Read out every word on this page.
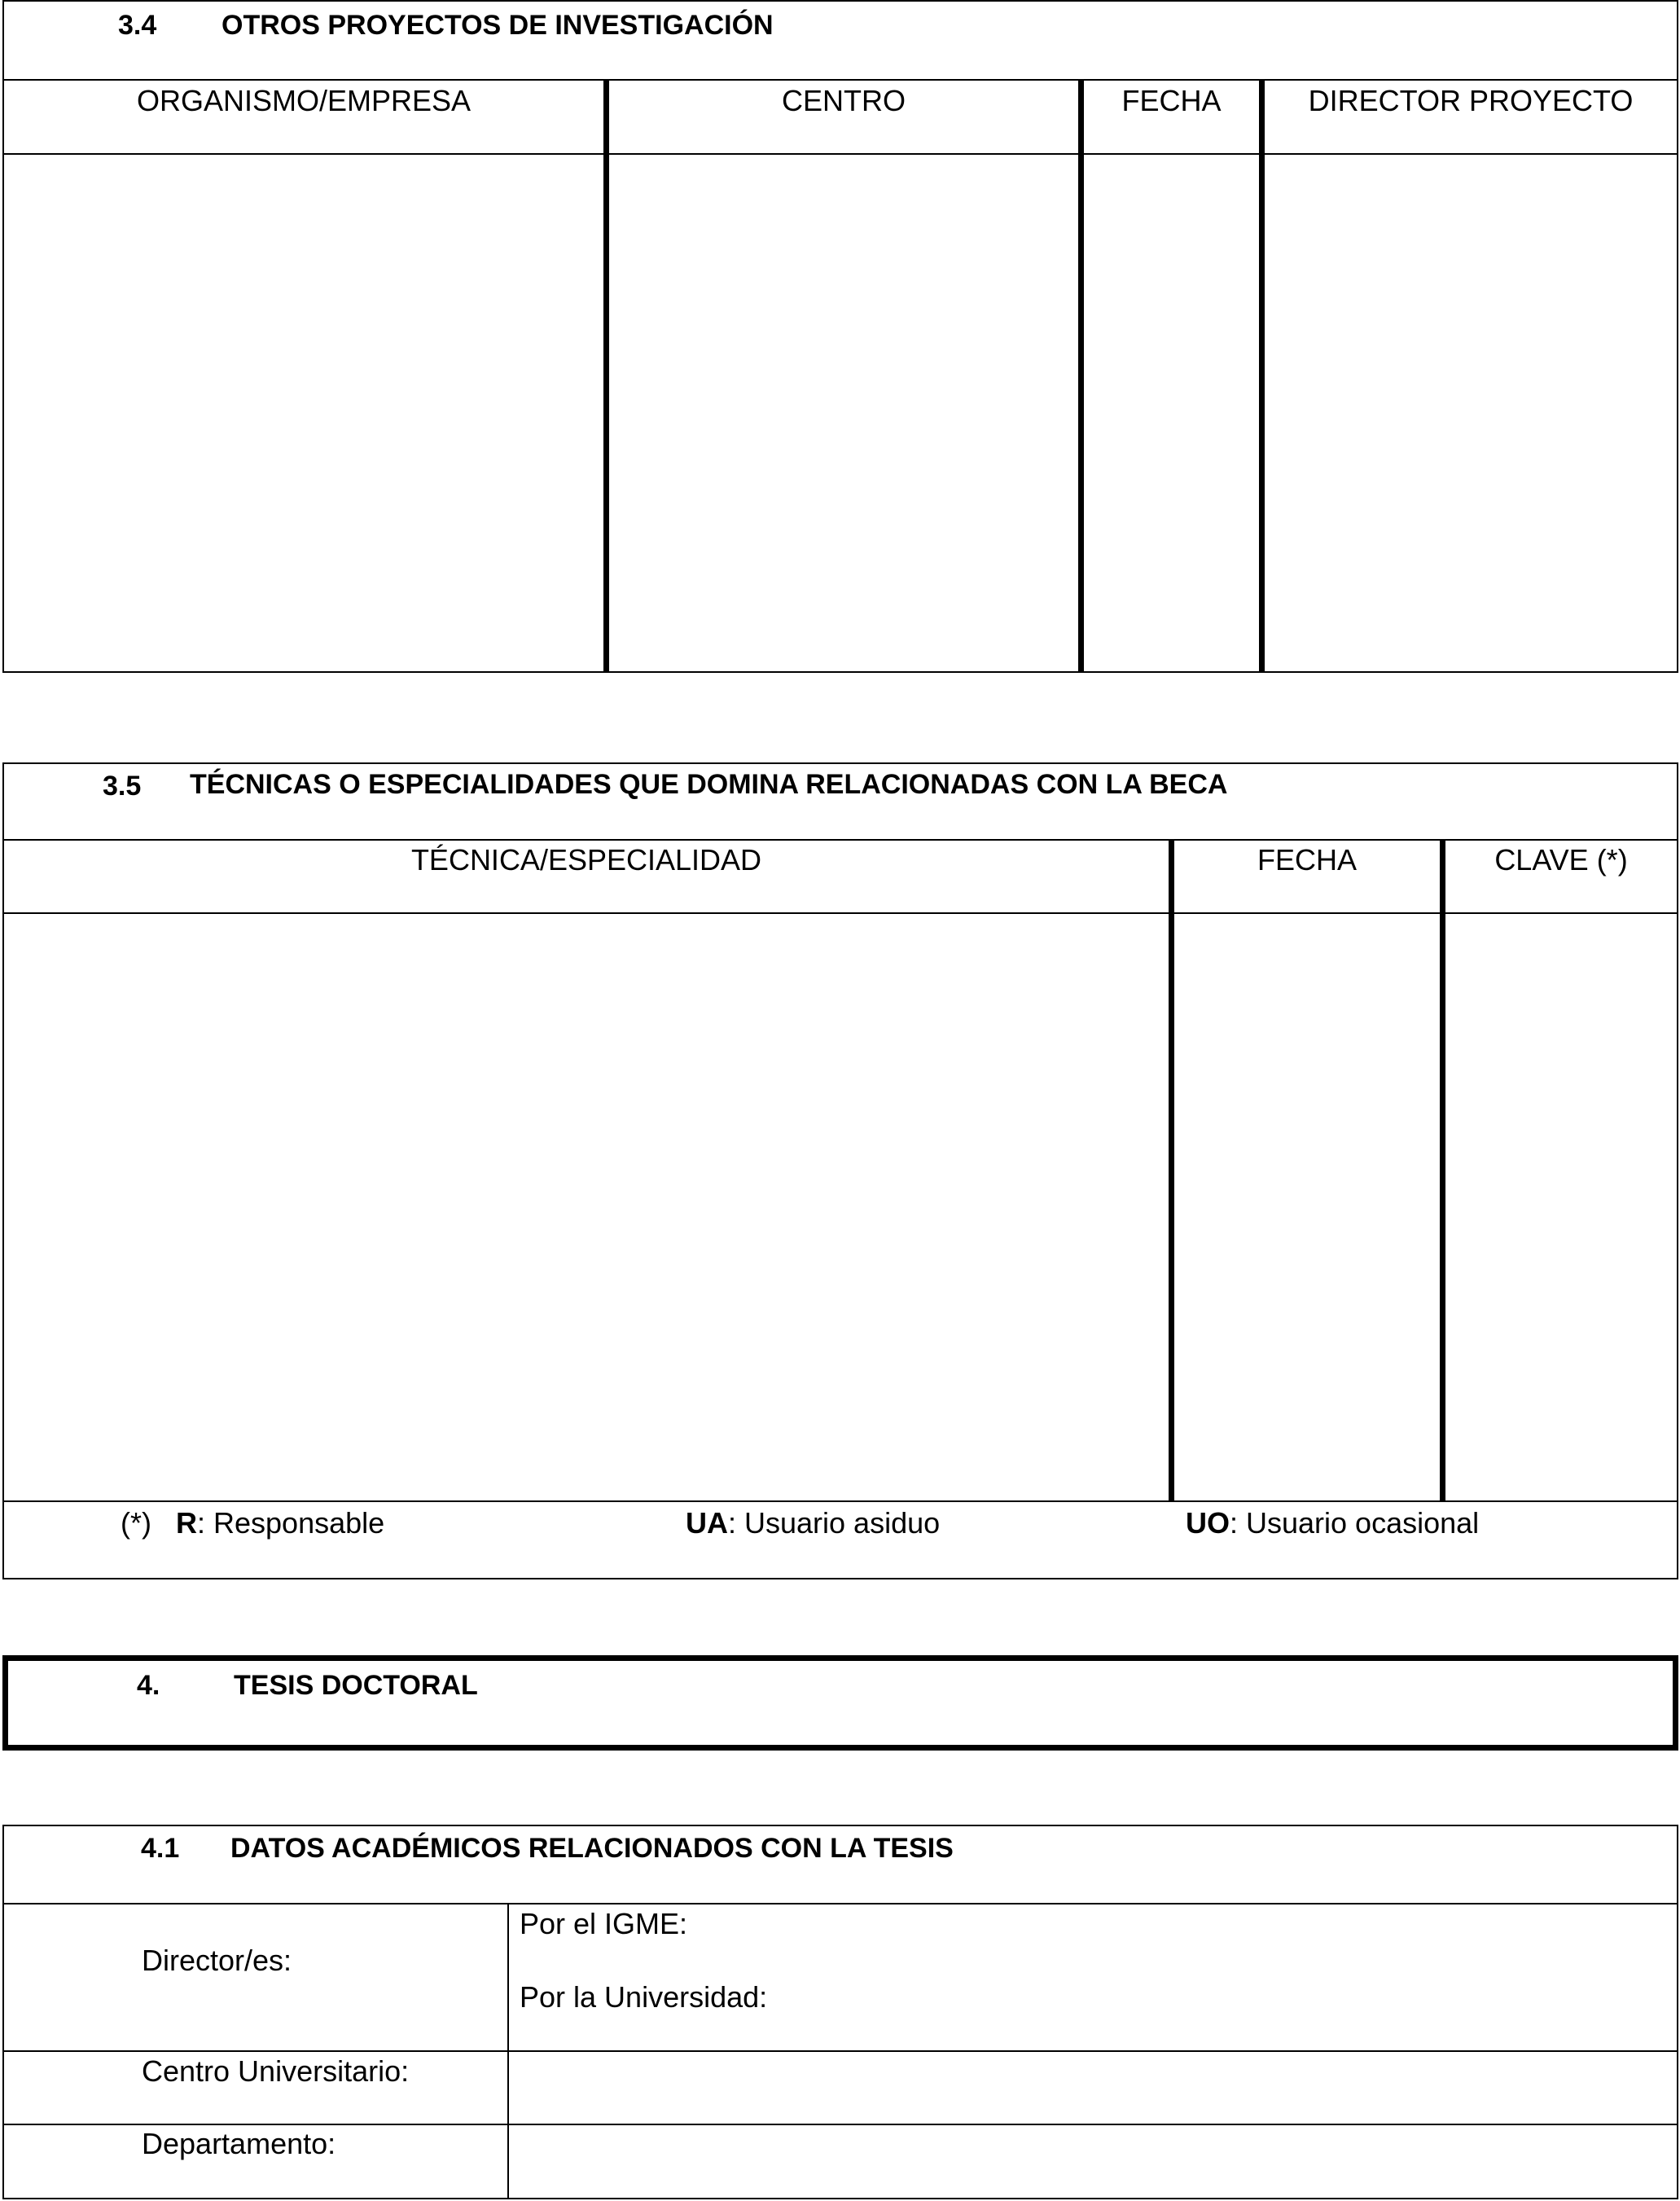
3.4 OTROS PROYECTOS DE INVESTIGACIÓN
ORGANISMO/EMPRESA	CENTRO	FECHA	DIRECTOR PROYECTO
3.5 TÉCNICAS O ESPECIALIDADES QUE DOMINA RELACIONADAS CON LA BECA
TÉCNICA/ESPECIALIDAD	FECHA	CLAVE (*)
(*) R: Responsable	UA: Usuario asiduo	UO: Usuario ocasional
4.	TESIS DOCTORAL
4.1 DATOS ACADÉMICOS RELACIONADOS CON LA TESIS
Director/es:
Por el IGME:
Por la Universidad:
Centro Universitario:
Departamento:
